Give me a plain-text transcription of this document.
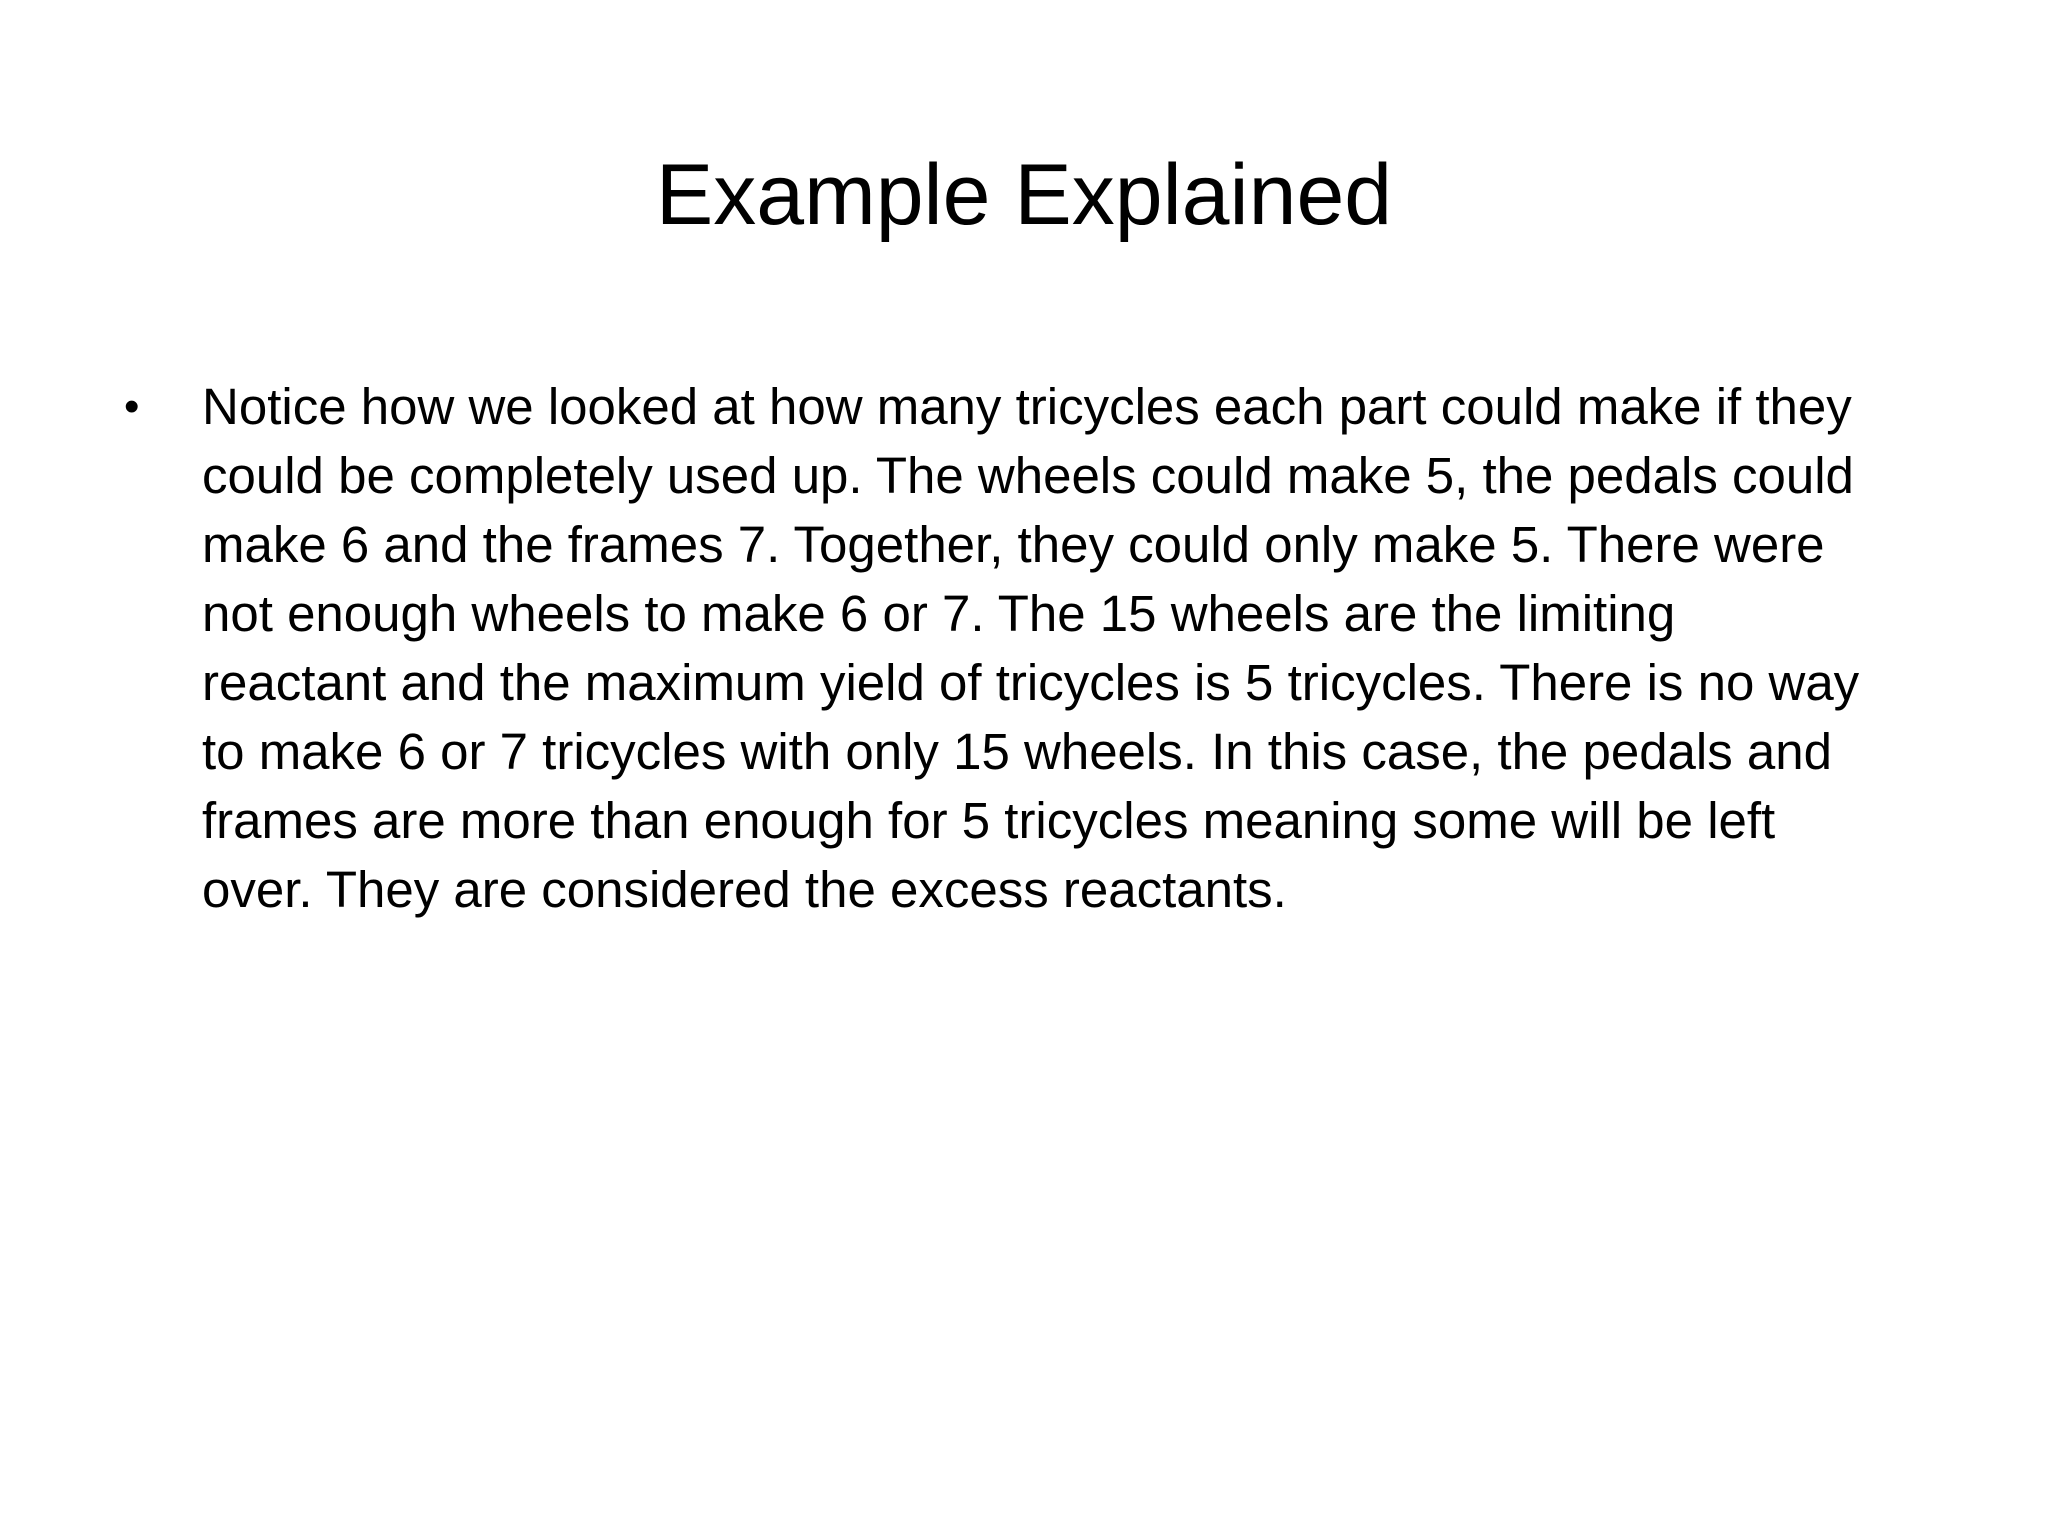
Example Explained
• Notice how we looked at how many tricycles each part could make if they
could be completely used up. The wheels could make 5, the pedals could
make 6 and the frames 7. Together, they could only make 5. There were
not enough wheels to make 6 or 7. The 15 wheels are the limiting
reactant and the maximum yield of tricycles is 5 tricycles. There is no way
to make 6 or 7 tricycles with only 15 wheels. In this case, the pedals and
frames are more than enough for 5 tricycles meaning some will be left
over. They are considered the excess reactants.
